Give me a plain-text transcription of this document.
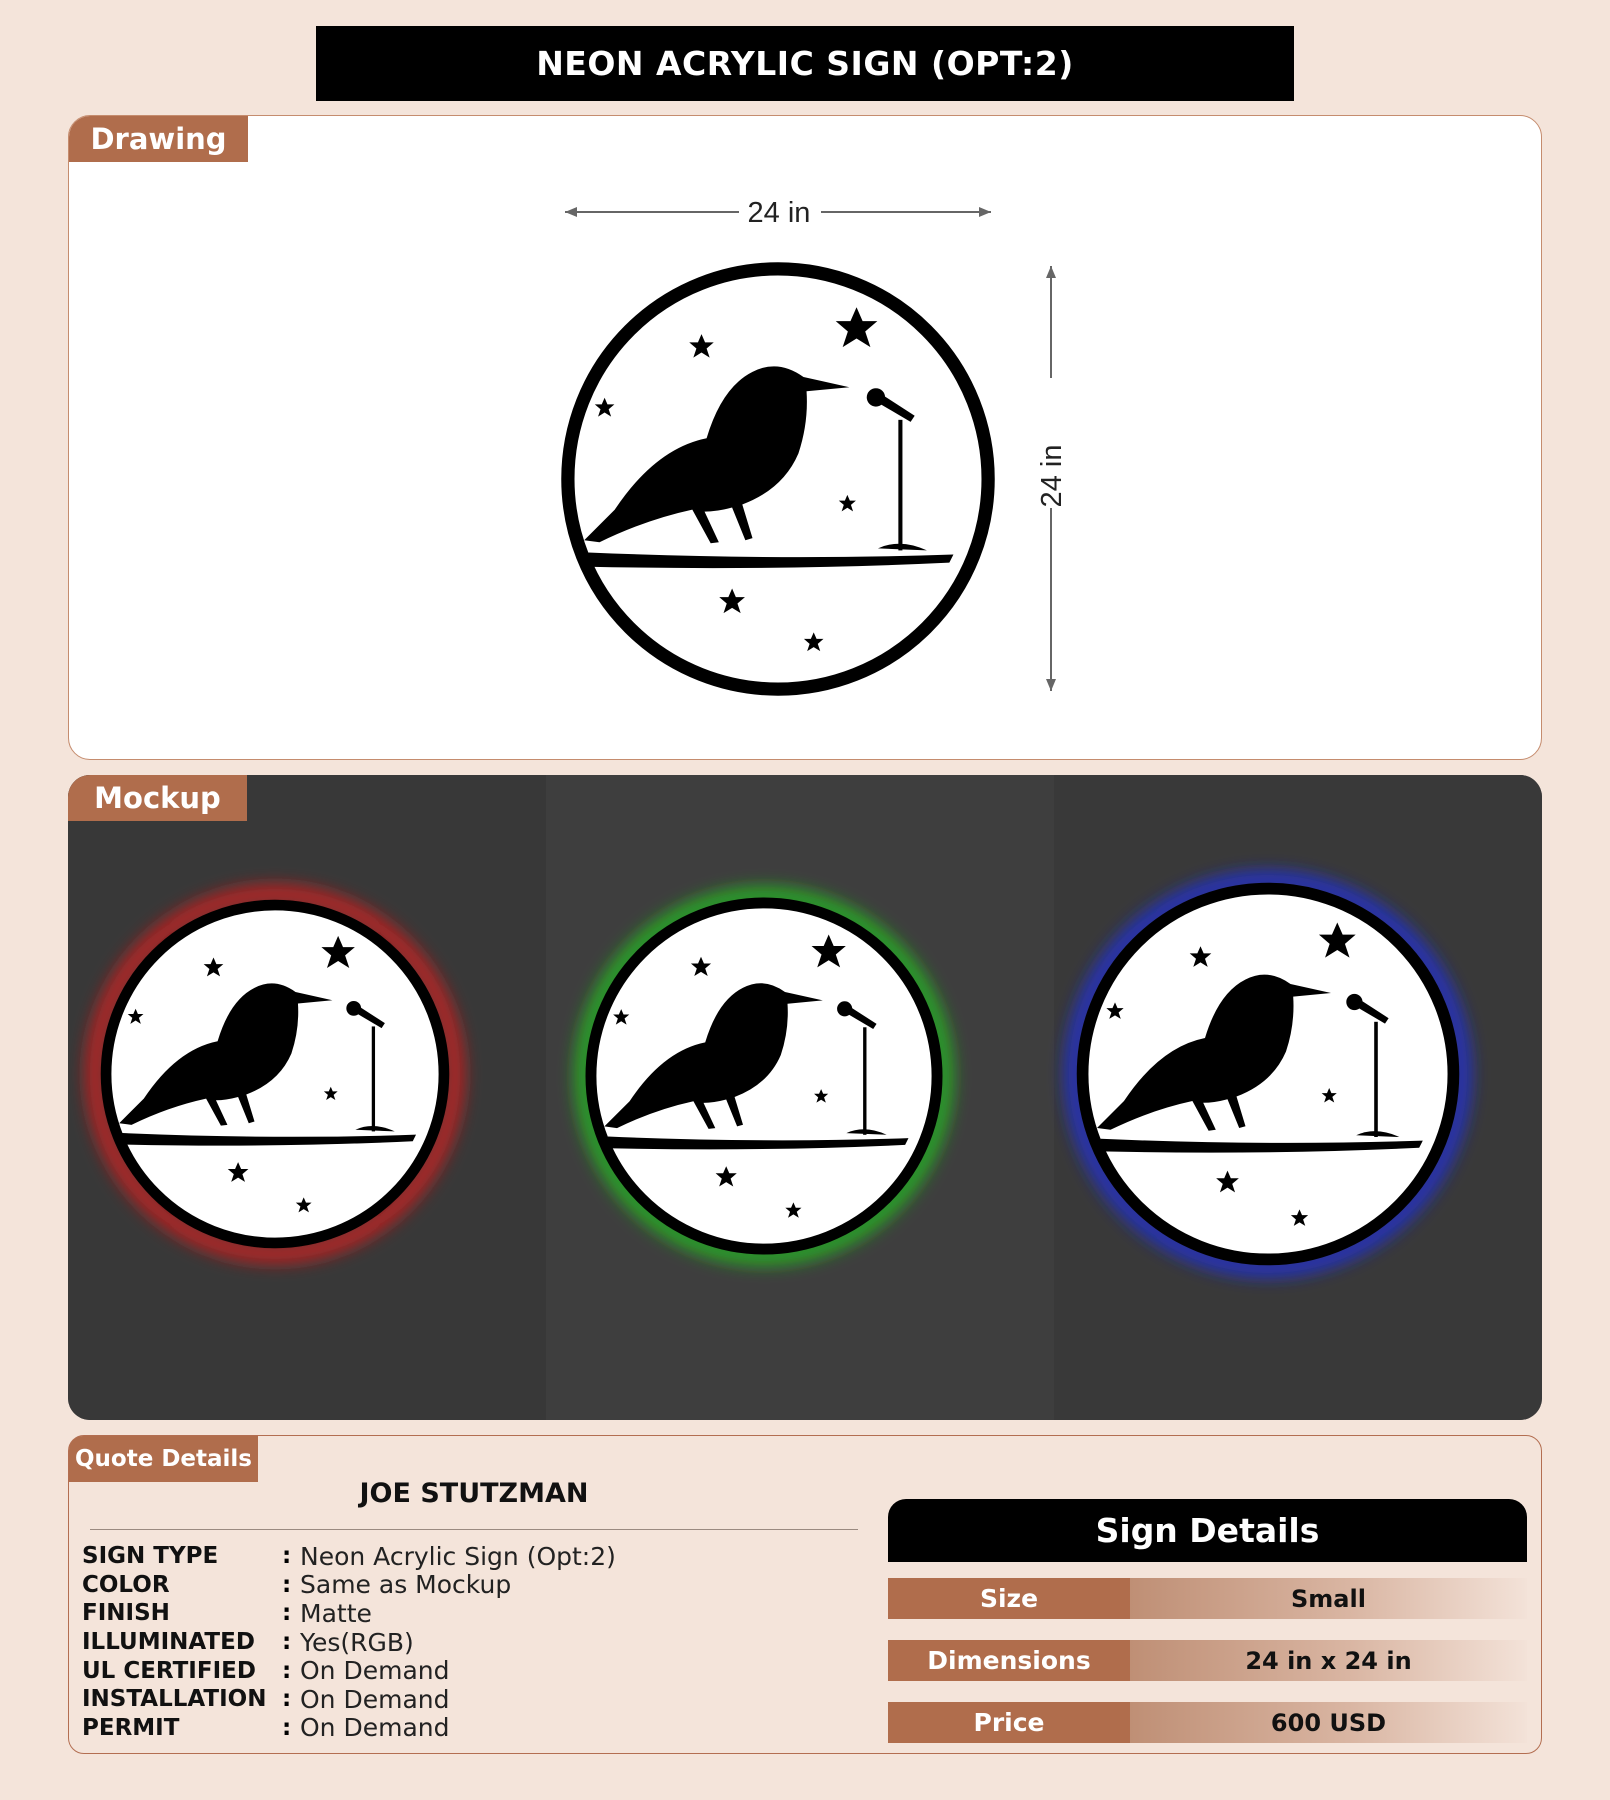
NEON ACRYLIC SIGN (OPT:2)
Drawing
24 in
24 in
Mockup
Quote Details
JOE STUTZMAN
SIGN TYPE	: Neon Acrylic Sign (Opt:2)
COLOR	: Same as Mockup
FINISH	: Matte
ILLUMINATED	: Yes(RGB)
UL CERTIFIED	: On Demand
INSTALLATION : On Demand
PERMIT	: On Demand
Sign Details
Size	Small
Dimensions	24 in x 24 in
Price	600 USD
